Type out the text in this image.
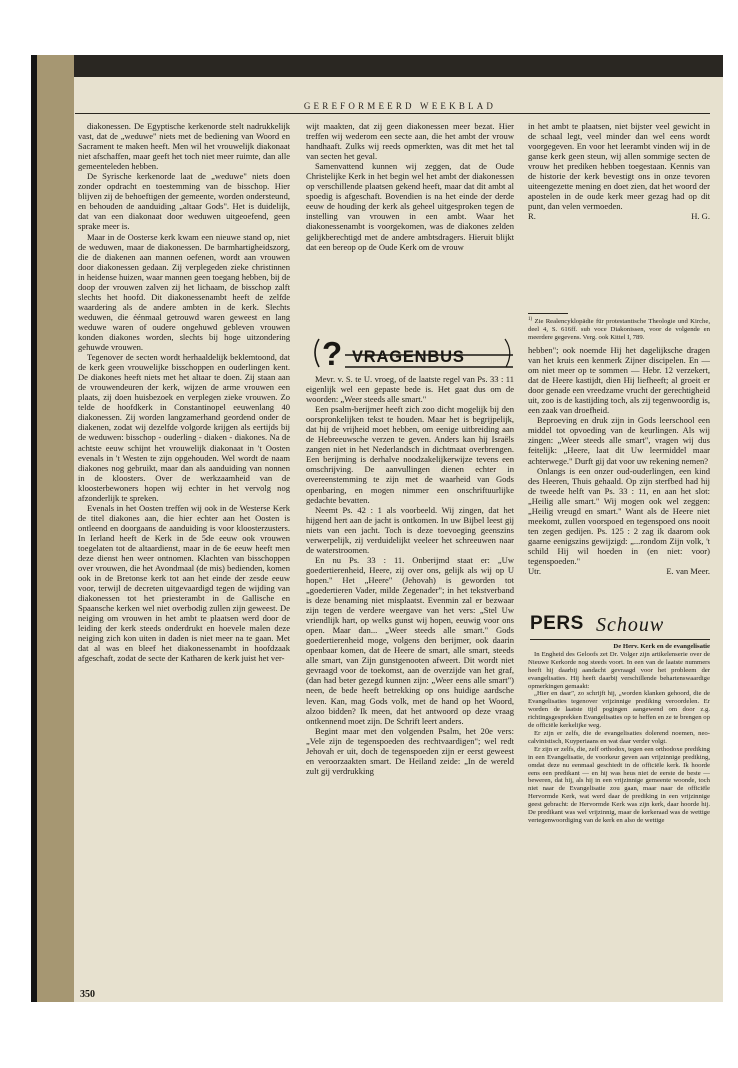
GEREFORMEERD WEEKBLAD

diakonessen. De Egyptische kerkenorde stelt nadrukkelijk vast, dat de „weduwe" niets met de bediening van Woord en Sacrament te maken heeft. Men wil het vrouwelijk diakonaat niet afschaffen, maar geeft het toch niet meer ruimte, dan alle gemeenteleden hebben.

De Syrische kerkenorde laat de „weduwe" niets doen zonder opdracht en toestemming van de bisschop. Hier blijven zij de behoeftigen der gemeente, worden ondersteund, en behouden de aanduiding „altaar Gods". Het is duidelijk, dat van een diakonaat door weduwen uitgeoefend, geen sprake meer is.

Maar in de Oosterse kerk kwam een nieuwe stand op, niet de weduwen, maar de diakonessen. De barmhartigheidszorg, die de diakenen aan mannen oefenen, wordt aan vrouwen door diakonessen gedaan. Zij verplegeden zieke christinnen in heidense huizen, waar mannen geen toegang hebben, bij de doop der vrouwen zalven zij het lichaam, de bisschop zalft slechts het hoofd. Dit diakonessenambt heeft de zelfde waardering als de andere ambten in de kerk. Slechts weduwen, die éénmaal getrouwd waren geweest en lang weduwe waren of oudere ongehuwd gebleven vrouwen konden diakones worden, slechts bij hoge uitzondering gehuwde vrouwen.

Tegenover de secten wordt herhaaldelijk beklemtoond, dat de kerk geen vrouwelijke bisschoppen en ouderlingen kent. De diakones heeft niets met het altaar te doen. Zij staan aan de vrouwendeuren der kerk, wijzen de arme vrouwen een plaats, zij doen huisbezoek en verplegen zieke vrouwen. Zo telde de hoofdkerk in Constantinopel eeuwenlang 40 diakonessen. Zij worden langzamerhand geordend onder de diakenen, zodat wij dezelfde volgorde krijgen als eertijds bij de weduwen: bisschop - ouderling - diaken - diakones. Na de achtste eeuw schijnt het vrouwelijk diakonaat in 't Oosten evenals in 't Westen te zijn opgehouden. Wel wordt de naam diakones nog gebruikt, maar dan als aanduiding van nonnen in de kloosters. Over de werkzaamheid van de kloosterbewoners hopen wij echter in het vervolg nog afzonderlijk te spreken.

Evenals in het Oosten treffen wij ook in de Westerse Kerk de titel diakones aan, die hier echter aan het Oosten is ontleend en doorgaans de aanduiding is voor kloosterzusters. In Ierland heeft de Kerk in de 5de eeuw ook vrouwen toegelaten tot de altaardienst, maar in de 6e eeuw heeft men deze dienst hen weer ontnomen. Klachten van bisschoppen over vrouwen, die het Avondmaal (de mis) bedienden, komen ook in de Bretonse kerk tot aan het einde der zesde eeuw voor, terwijl de decreten uitgevaardigd tegen de wijding van diakonessen tot het priesterambt in de Gallische en Spaansche kerken wel niet overbodig zullen zijn geweest. De neiging om vrouwen in het ambt te plaatsen werd door de leiding der kerk steeds onderdrukt en hoevele malen deze neiging zich kon uiten in daden is niet meer na te gaan. Met dat al was en bleef het diakonessenambt in hoofdzaak afgeschaft, zodat de secte der Katharen de kerk juist het ver-

wijt maakten, dat zij geen diakonessen meer bezat. Hier treffen wij wederom een secte aan, die het ambt der vrouw handhaaft. Zulks wij reeds opmerkten, was dit met het tal van secten het geval.

Samenvattend kunnen wij zeggen, dat de Oude Christelijke Kerk in het begin wel het ambt der diakonessen op verschillende plaatsen gekend heeft, maar dat dit ambt al spoedig is afgeschaft. Bovendien is na het einde der derde eeuw de houding der kerk als geheel uitgesproken tegen de instelling van vrouwen in een ambt. Waar het diakonessenambt is voorgekomen, was de diakones zelden gelijkberechtigd met de andere ambtsdragers. Hieruit blijkt dat een bereop op de Oude Kerk om de vrouw

? VRAGENBUS

Mevr. v. S. te U. vroeg, of de laatste regel van Ps. 33 : 11 eigenlijk wel een gepaste bede is. Het gaat dus om de woorden: „Weer steeds alle smart."

Een psalm-berijmer heeft zich zoo dicht mogelijk bij den oorspronkelijken tekst te houden. Maar het is begrijpelijk, dat hij de vrijheid moet hebben, om eenige uitbreiding aan de Hebreeuwsche verzen te geven. Anders kan hij Israëls zangen niet in het Nederlandsch in dichtmaat overbrengen. Een berijming is derhalve noodzakelijkerwijze tevens een omschrijving. De aanvullingen dienen echter in overeenstemming te zijn met de waarheid van Gods openbaring, en mogen nimmer een onschriftuurlijke gedachte bevatten.

Neemt Ps. 42 : 1 als voorbeeld. Wij zingen, dat het hijgend hert aan de jacht is ontkomen. In uw Bijbel leest gij niets van een jacht. Toch is deze toevoeging geenszins verwerpelijk, zij verduidelijkt veeleer het schreeuwen naar de waterstroomen.

En nu Ps. 33 : 11. Onberijmd staat er: „Uw goedertierenheid, Heere, zij over ons, gelijk als wij op U hopen." Het „Heere" (Jehovah) is geworden tot „goedertieren Vader, milde Zegenader"; in het tekstverband is deze benaming niet misplaatst. Evenmin zal er bezwaar zijn tegen de verdere weergave van het vers: „Stel Uw vriendlijk hart, op welks gunst wij hopen, eeuwig voor ons open. Maar dan... „Weer steeds alle smart." Gods goedertierenheid moge, volgens den berijmer, ook daarin openbaar komen, dat de Heere de smart, alle smart, steeds alle smart, van Zijn gunstgenooten afweert. Dit wordt niet gevraagd voor de toekomst, aan de overzijde van het graf, (dan had beter gezegd kunnen zijn: „Weer eens alle smart") neen, de bede heeft betrekking op ons huidige aardsche leven. Kan, mag Gods volk, met de hand op het Woord, alzoo bidden? Ik meen, dat het antwoord op deze vraag ontkennend moet zijn. De Schrift leert anders.

Begint maar met den volgenden Psalm, het 20e vers: „Vele zijn de tegenspoeden des rechtvaardigen"; wel redt Jehovah er uit, doch de tegenspoeden zijn er eerst geweest en veroorzaakten smart. De Heiland zeide: „In de wereld zult gij verdrukking

in het ambt te plaatsen, niet bijster veel gewicht in de schaal legt, veel minder dan wel eens wordt voorgegeven. En voor het leerambt vinden wij in de ganse kerk geen steun, wij allen sommige secten de vrouw het prediken hebben toegestaan. Kennis van de historie der kerk bevestigt ons in onze tevoren uiteengezette mening en doet zien, dat het woord der apostelen in de oude kerk meer gezag had op dit punt, dan velen vermoeden.

R.	H. G.

$^{1)}$ Zie Realencyklopädie für protestantische Theologie und Kirche, deel 4, S. 616ff. sub voce Diakonissen, voor de volgende en meerdere gegevens. Verg. ook Kittel I, 789.

hebben"; ook noemde Hij het dagelijksche dragen van het kruis een kenmerk Zijner discipelen. En — om niet meer op te sommen — Hebr. 12 verzekert, dat de Heere kastijdt, dien Hij liefheeft; al groeit er door genade een vreedzame vrucht der gerechtigheid uit, zoo is de kastijding toch, als zij tegenwoordig is, een zaak van droefheid.

Beproeving en druk zijn in Gods leerschool een middel tot opvoeding van de keurlingen. Als wij zingen: „Weer steeds alle smart", vragen wij dus feitelijk: „Heere, laat dit Uw leermiddel maar achterwege." Durft gij dat voor uw rekening nemen?

Onlangs is een onzer oud-ouderlingen, een kind des Heeren, Thuis gehaald. Op zijn sterfbed had hij de tweede helft van Ps. 33 : 11, en aan het slot: „Heilig alle smart." Wij mogen ook wel zeggen: „Heilig vreugd en smart." Want als de Heere niet meekomt, zullen voorspoed en tegenspoed ons nooit ten zegen gedijen. Ps. 125 : 2 zag ik daarom ook gaarne eenigszins gewijzigd: „...rondom Zijn volk, 't schild Hij wil hoeden in (en niet: voor) tegenspoeden."

Utr.	E. van Meer.

PERS Schouw

De Herv. Kerk en de evangelisatie

In Engheid des Geloofs zet Dr. Volger zijn artikelenserie over de Nieuwe Kerkorde nog steeds voort. In een van de laatste nummers heeft hij daarbij aandacht gevraagd voor het probleem der evangelisaties. Hij heeft daarbij verschillende behartenswaardige opmerkingen gemaakt:

„Hier en daar", zo schrijft hij, „worden klanken gehoord, die de Evangelisaties tegenover vrijzinnige prediking veroordelen. Er worden de laatste tijd pogingen aangewend om door z.g. richtingsgesprekken Evangelisaties op te heffen en ze te brengen op de officiële kerkelijke weg.

Er zijn er zelfs, die de evangelisaties dolerend noemen, neo-calvinistisch, Kuyperiaans en wat daar verder volgt.

Er zijn er zelfs, die, zelf orthodox, tegen een orthodoxe prediking in een Evangelisatie, de voorkeur geven aan vrijzinnige prediking, omdat deze nu eenmaal geschiedt in de officiële kerk. Ik hoorde eens een predikant — en hij was heus niet de eerste de beste — beweren, dat hij, als hij in een vrijzinnige gemeente woonde, toch niet naar de Evangelisatie zou gaan, maar naar de officiële Hervormde Kerk, wat werd daar de prediking in een vrijzinnige geest gebracht: de Hervormde Kerk was zijn kerk, daar hoorde hij. De predikant was wel vrijzinnig, maar de kerkeraad was de wettige vertegenwoordiging van de kerk en also de wettige

350
